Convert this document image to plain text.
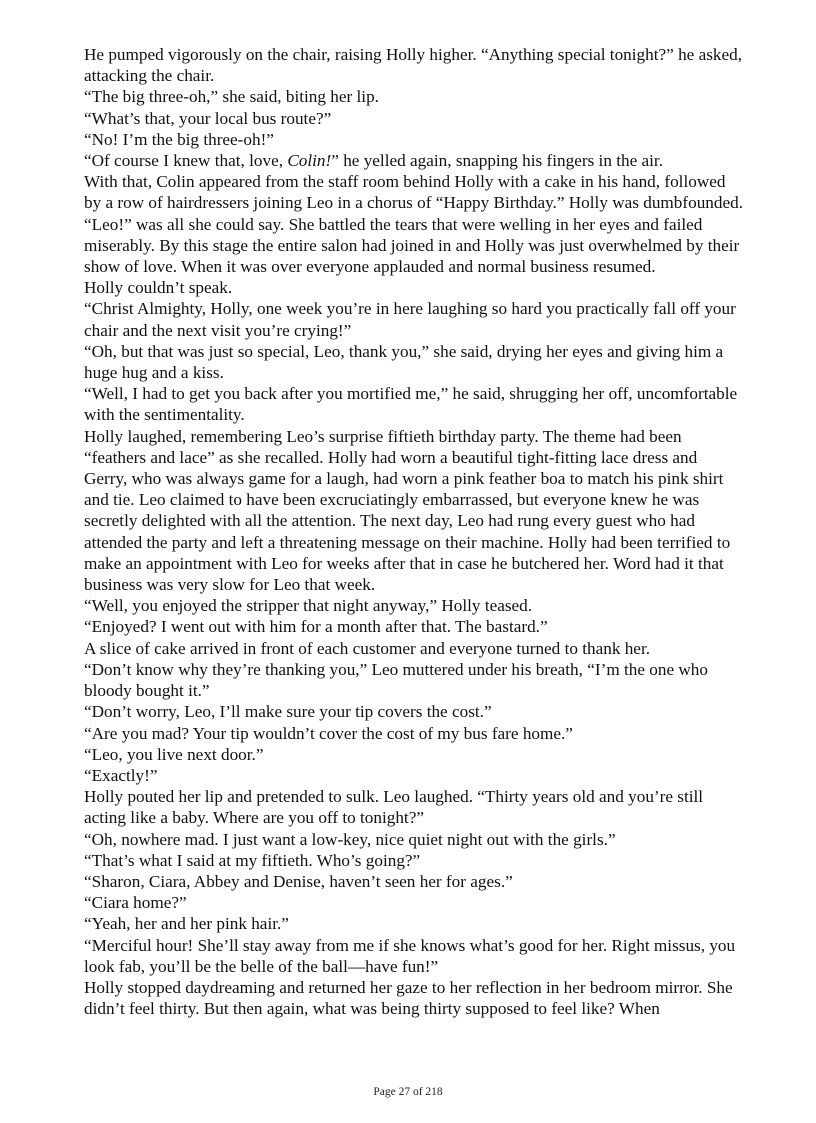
He pumped vigorously on the chair, raising Holly higher. “Anything special tonight?” he asked, attacking the chair.

“The big three-oh,” she said, biting her lip.

“What’s that, your local bus route?”

“No! I’m the big three-oh!”

“Of course I knew that, love, Colin!” he yelled again, snapping his fingers in the air.

With that, Colin appeared from the staff room behind Holly with a cake in his hand, followed by a row of hairdressers joining Leo in a chorus of “Happy Birthday.” Holly was dumbfounded. “Leo!” was all she could say. She battled the tears that were welling in her eyes and failed miserably. By this stage the entire salon had joined in and Holly was just overwhelmed by their show of love. When it was over everyone applauded and normal business resumed.

Holly couldn’t speak.

“Christ Almighty, Holly, one week you’re in here laughing so hard you practically fall off your chair and the next visit you’re crying!”

“Oh, but that was just so special, Leo, thank you,” she said, drying her eyes and giving him a huge hug and a kiss.

“Well, I had to get you back after you mortified me,” he said, shrugging her off, uncomfortable with the sentimentality.

Holly laughed, remembering Leo’s surprise fiftieth birthday party. The theme had been “feathers and lace” as she recalled. Holly had worn a beautiful tight-fitting lace dress and Gerry, who was always game for a laugh, had worn a pink feather boa to match his pink shirt and tie. Leo claimed to have been excruciatingly embarrassed, but everyone knew he was secretly delighted with all the attention. The next day, Leo had rung every guest who had attended the party and left a threatening message on their machine. Holly had been terrified to make an appointment with Leo for weeks after that in case he butchered her. Word had it that business was very slow for Leo that week.

“Well, you enjoyed the stripper that night anyway,” Holly teased.

“Enjoyed? I went out with him for a month after that. The bastard.”

A slice of cake arrived in front of each customer and everyone turned to thank her.

“Don’t know why they’re thanking you,” Leo muttered under his breath, “I’m the one who bloody bought it.”

“Don’t worry, Leo, I’ll make sure your tip covers the cost.”

“Are you mad? Your tip wouldn’t cover the cost of my bus fare home.”

“Leo, you live next door.”

“Exactly!”

Holly pouted her lip and pretended to sulk. Leo laughed. “Thirty years old and you’re still acting like a baby. Where are you off to tonight?”

“Oh, nowhere mad. I just want a low-key, nice quiet night out with the girls.”

“That’s what I said at my fiftieth. Who’s going?”

“Sharon, Ciara, Abbey and Denise, haven’t seen her for ages.”

“Ciara home?”

“Yeah, her and her pink hair.”

“Merciful hour! She’ll stay away from me if she knows what’s good for her. Right missus, you look fab, you’ll be the belle of the ball—have fun!”

Holly stopped daydreaming and returned her gaze to her reflection in her bedroom mirror. She didn’t feel thirty. But then again, what was being thirty supposed to feel like? When

Page 27 of 218
